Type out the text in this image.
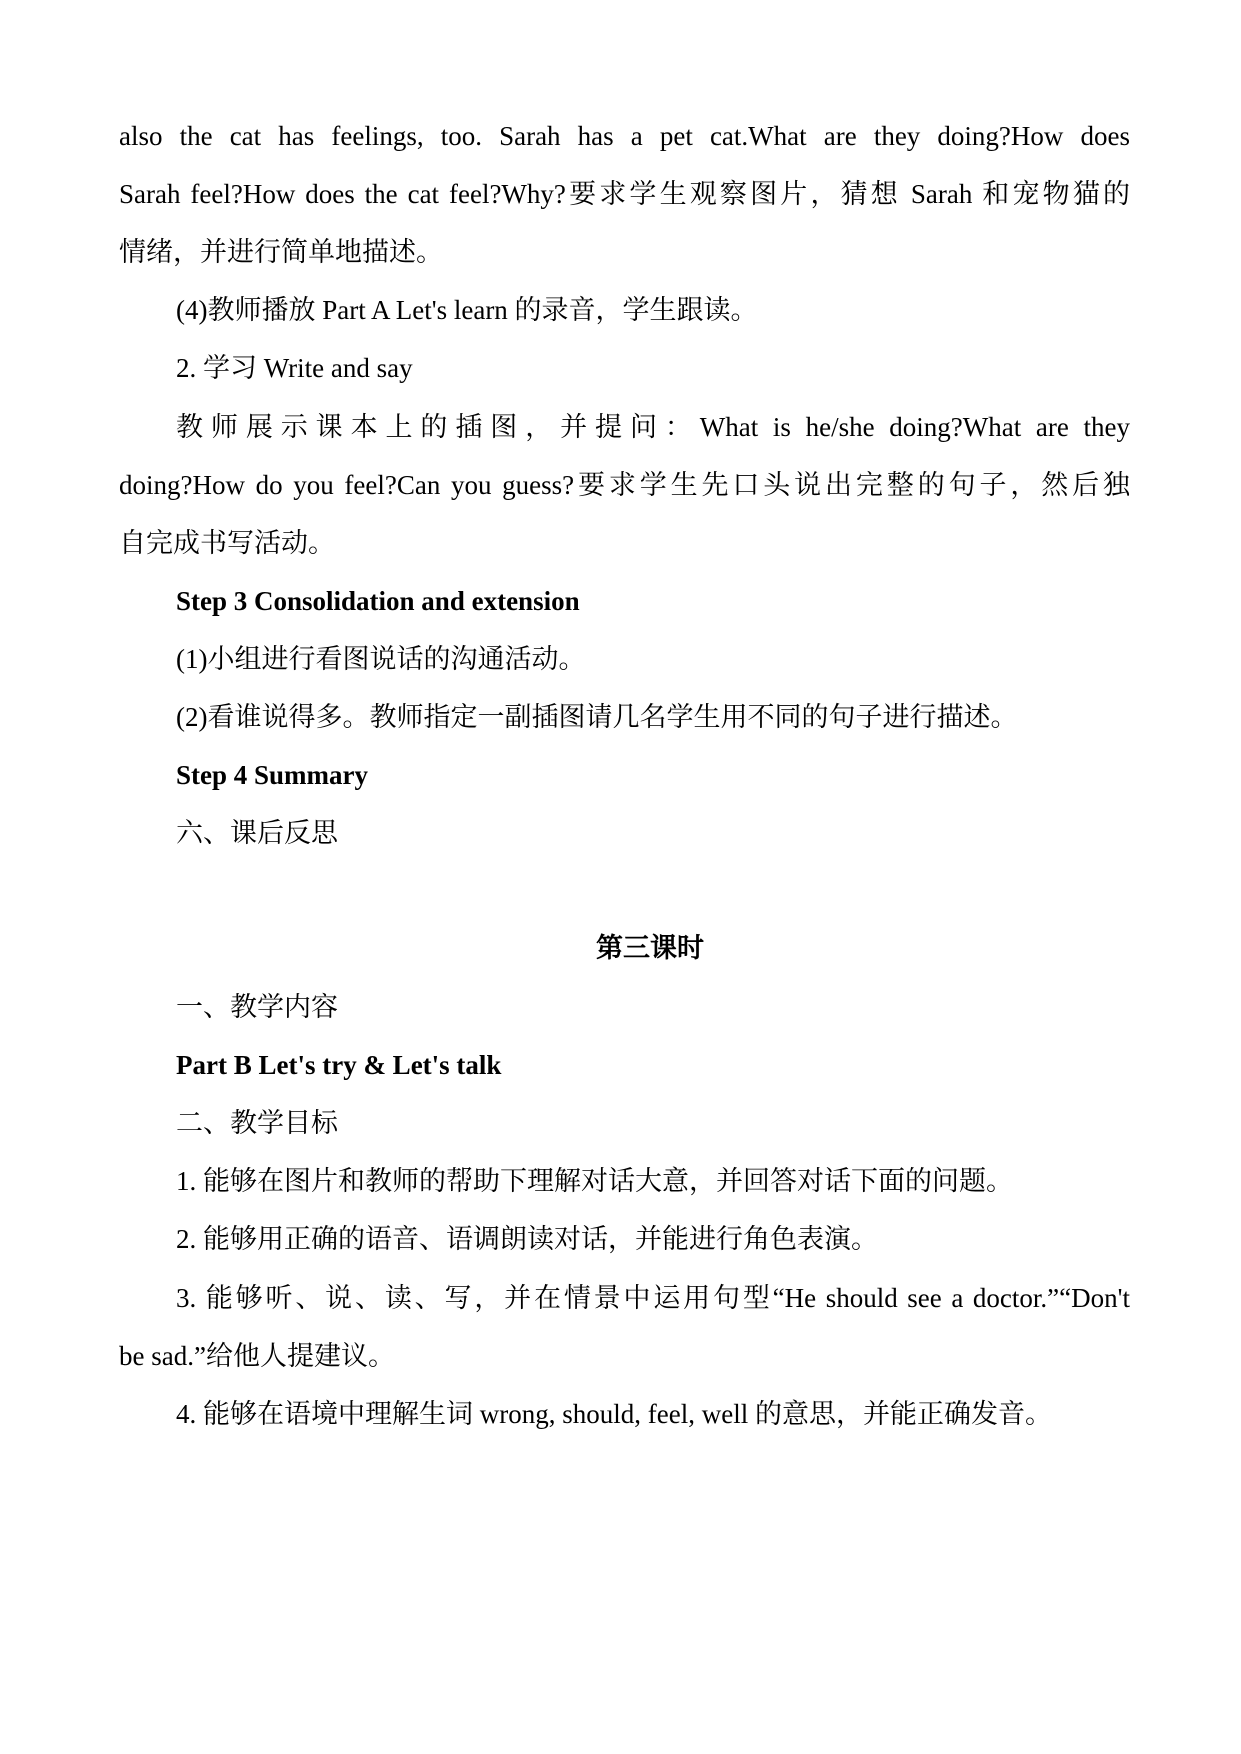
also the cat has feelings, too. Sarah has a pet cat.What are they doing?How does
Sarah feel?How does the cat feel?Why?要求学生观察图片，猜想 Sarah 和宠物猫的
情绪，并进行简单地描述。
(4)教师播放 Part A Let's learn 的录音，学生跟读。
2. 学习 Write and say
教师展示课本上的插图，并提问：What is he/she doing?What are they
doing?How do you feel?Can you guess?要求学生先口头说出完整的句子，然后独
自完成书写活动。
Step 3 Consolidation and extension
(1)小组进行看图说话的沟通活动。
(2)看谁说得多。教师指定一副插图请几名学生用不同的句子进行描述。
Step 4 Summary
六、课后反思
第三课时
一、教学内容
Part B Let's try & Let's talk
二、教学目标
1. 能够在图片和教师的帮助下理解对话大意，并回答对话下面的问题。
2. 能够用正确的语音、语调朗读对话，并能进行角色表演。
3. 能够听、说、读、写，并在情景中运用句型“He should see a doctor.”“Don't
be sad.”给他人提建议。
4. 能够在语境中理解生词 wrong, should, feel, well 的意思，并能正确发音。
